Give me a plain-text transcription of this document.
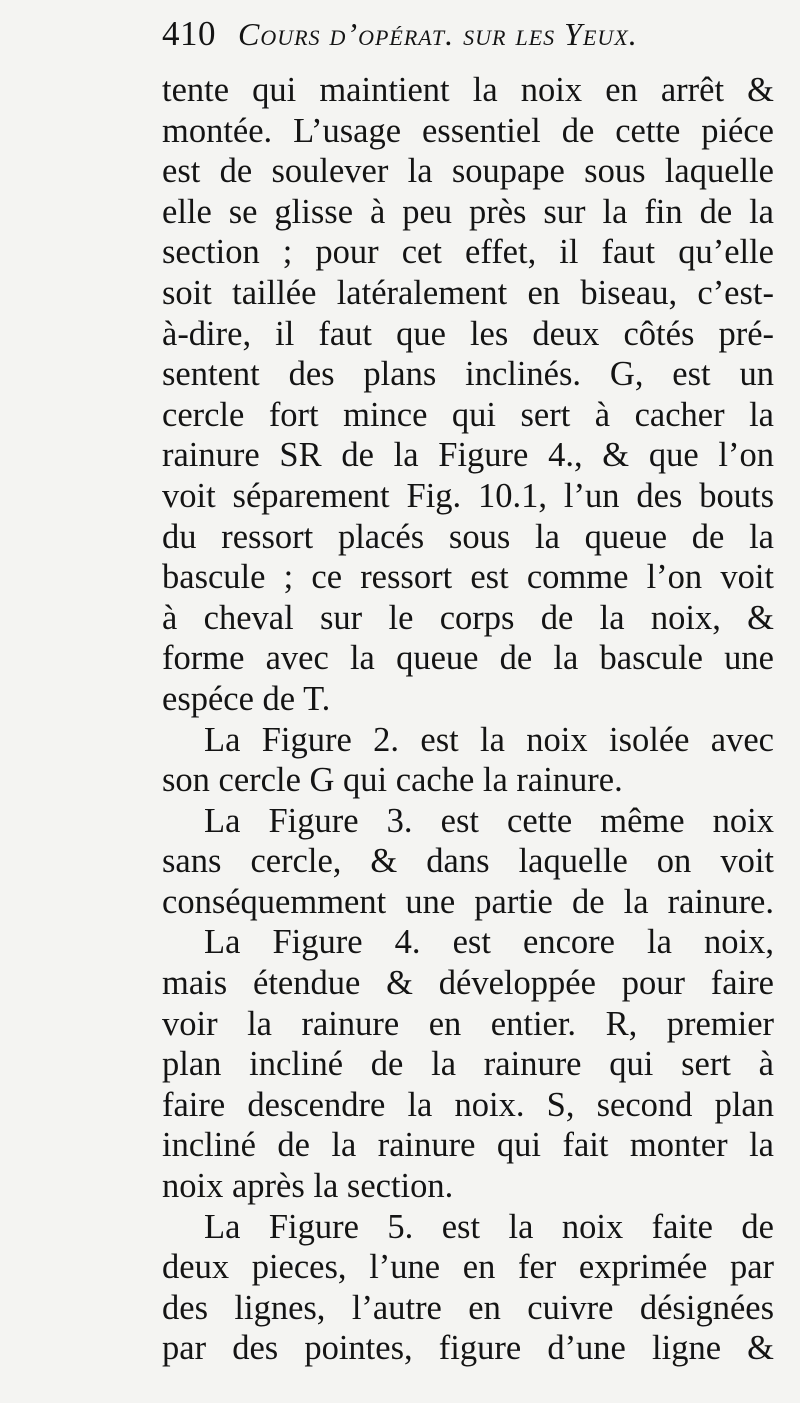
410 Cours d’opérat. sur les Yeux.
tente qui maintient la noix en arrêt &
montée. L’usage essentiel de cette piéce
est de soulever la soupape sous laquelle
elle se glisse à peu près sur la fin de la
section ; pour cet effet, il faut qu’elle
soit taillée latéralement en biseau, c’est-
à-dire, il faut que les deux côtés pré-
sentent des plans inclinés. G, est un
cercle fort mince qui sert à cacher la
rainure SR de la Figure 4., & que l’on
voit séparement Fig. 10.1, l’un des bouts
du ressort placés sous la queue de la
bascule ; ce ressort est comme l’on voit
à cheval sur le corps de la noix, &
forme avec la queue de la bascule une
espéce de T.
La Figure 2. est la noix isolée avec
son cercle G qui cache la rainure.
La Figure 3. est cette même noix
sans cercle, & dans laquelle on voit
conséquemment une partie de la rainure.
La Figure 4. est encore la noix,
mais étendue & développée pour faire
voir la rainure en entier. R, premier
plan incliné de la rainure qui sert à
faire descendre la noix. S, second plan
incliné de la rainure qui fait monter la
noix après la section.
La Figure 5. est la noix faite de
deux pieces, l’une en fer exprimée par
des lignes, l’autre en cuivre désignées
par des pointes, figure d’une ligne &
